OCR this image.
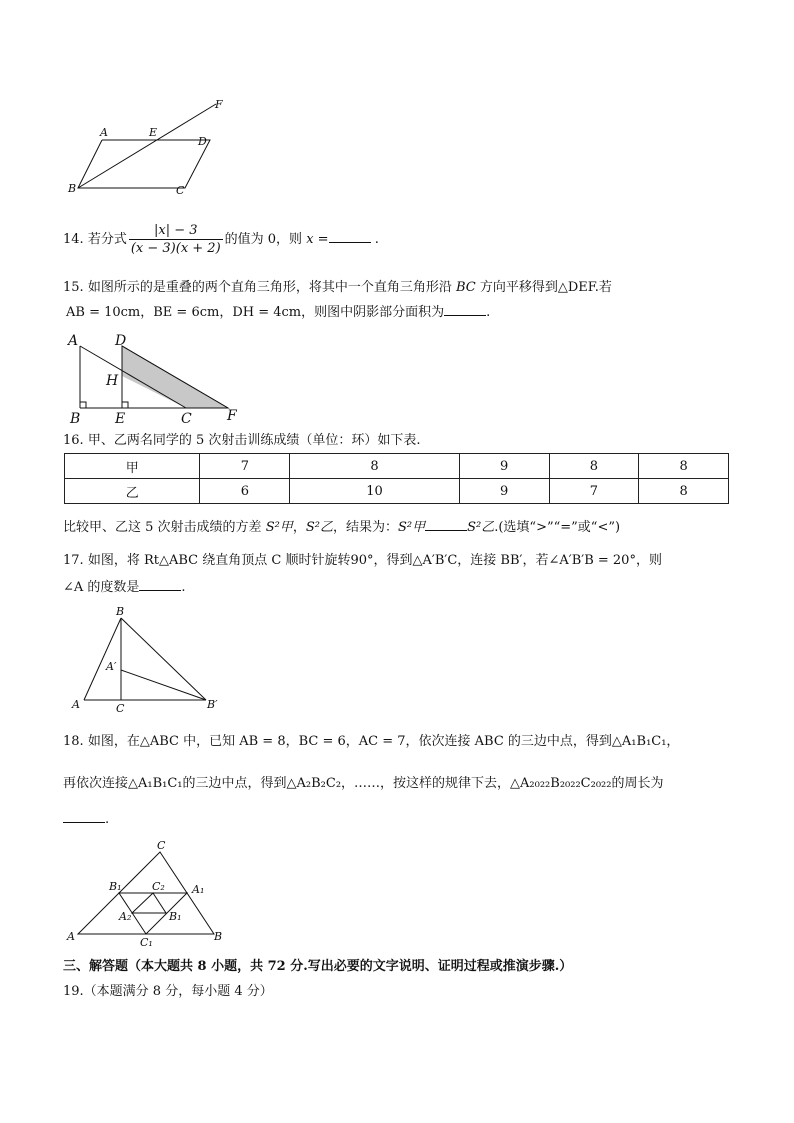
A	E
D
F
B	C
14. 若分式 $\frac{|x| - 3}{(x - 3)(x + 2)}$ 的值为 0，则 x =	.
15. 如图所示的是重叠的两个直角三角形，将其中一个直角三角形沿 BC 方向平移得到△DEF.若
AB = 10cm，BE = 6cm，DH = 4cm，则图中阴影部分面积为	.
A	D
H
B E	C	F
16. 甲、乙两名同学的 5 次射击训练成绩（单位：环）如下表.
甲	7	8	9	8	8
乙	6	10	9	7	8
比较甲、乙这 5 次射击成绩的方差 S²甲，S²乙，结果为：S²甲	S²乙.(选填“>”“=”或“<”)
17. 如图，将 Rt△ABC 绕直角顶点 C 顺时针旋转90°，得到△A′B′C，连接 BB′，若∠A′B′B = 20°，则
∠A 的度数是	.
B
A′
A	C	B′
18. 如图，在△ABC 中，已知 AB = 8，BC = 6，AC = 7，依次连接 ABC 的三边中点，得到△A₁B₁C₁，
再依次连接△A₁B₁C₁的三边中点，得到△A₂B₂C₂，……，按这样的规律下去，△A₂₀₂₂B₂₀₂₂C₂₀₂₂的周长为
.
C
B₁	C₂ A₁
A₂	B₁
A	C₁	B
三、解答题（本大题共 8 小题，共 72 分.写出必要的文字说明、证明过程或推演步骤.）
19.（本题满分 8 分，每小题 4 分）
